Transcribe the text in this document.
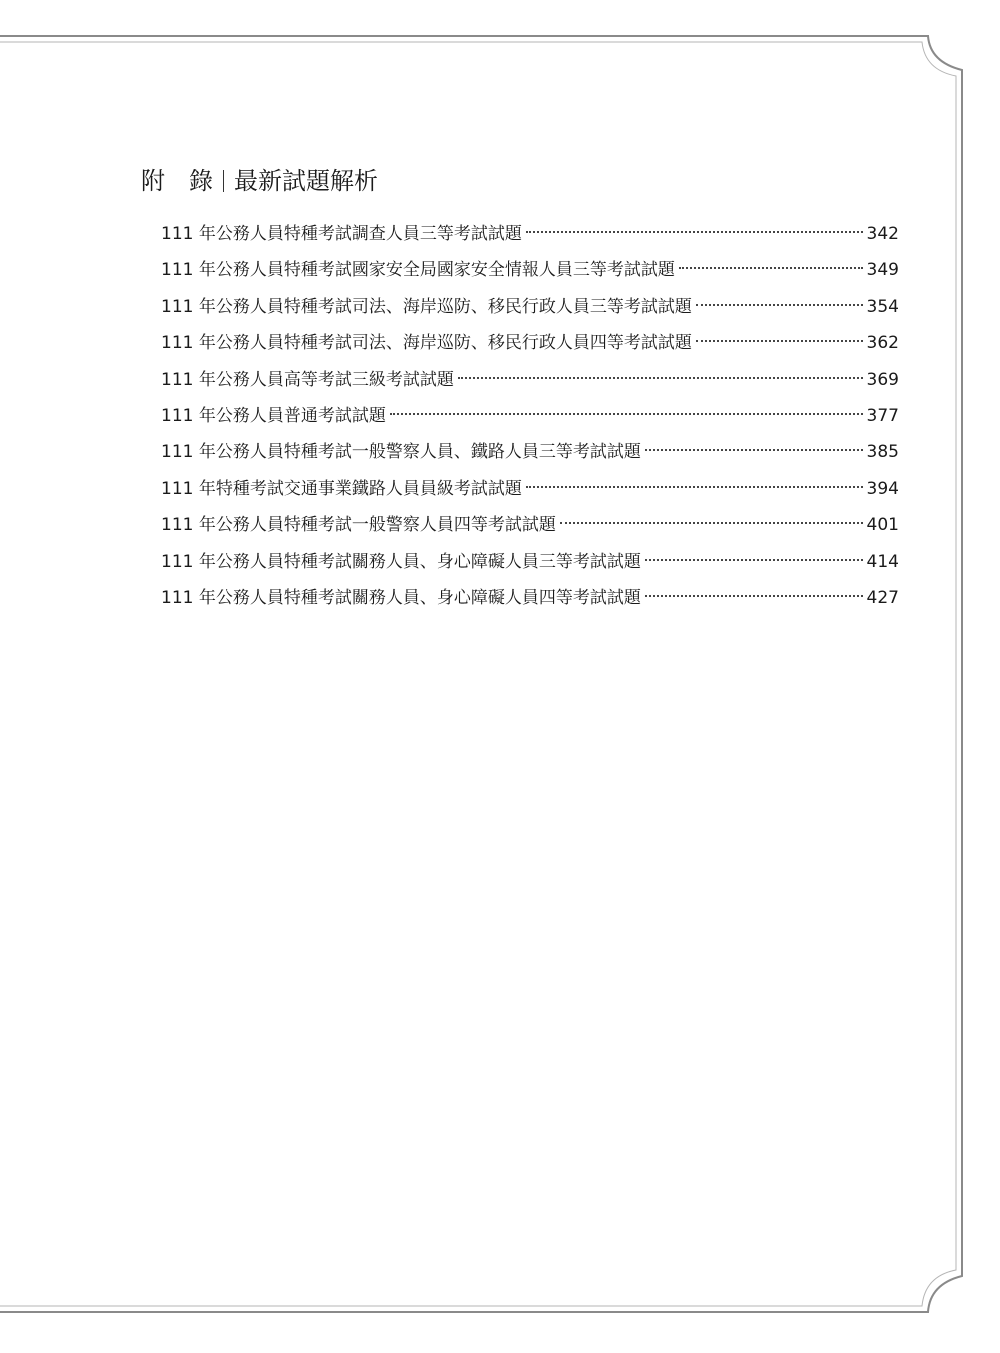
附　錄 最新試題解析
111 年公務人員特種考試調查人員三等考試試題	342
111 年公務人員特種考試國家安全局國家安全情報人員三等考試試題	349
111 年公務人員特種考試司法、海岸巡防、移民行政人員三等考試試題	354
111 年公務人員特種考試司法、海岸巡防、移民行政人員四等考試試題	362
111 年公務人員高等考試三級考試試題	369
111 年公務人員普通考試試題	377
111 年公務人員特種考試一般警察人員、鐵路人員三等考試試題	385
111 年特種考試交通事業鐵路人員員級考試試題	394
111 年公務人員特種考試一般警察人員四等考試試題	401
111 年公務人員特種考試關務人員、身心障礙人員三等考試試題	414
111 年公務人員特種考試關務人員、身心障礙人員四等考試試題	427
